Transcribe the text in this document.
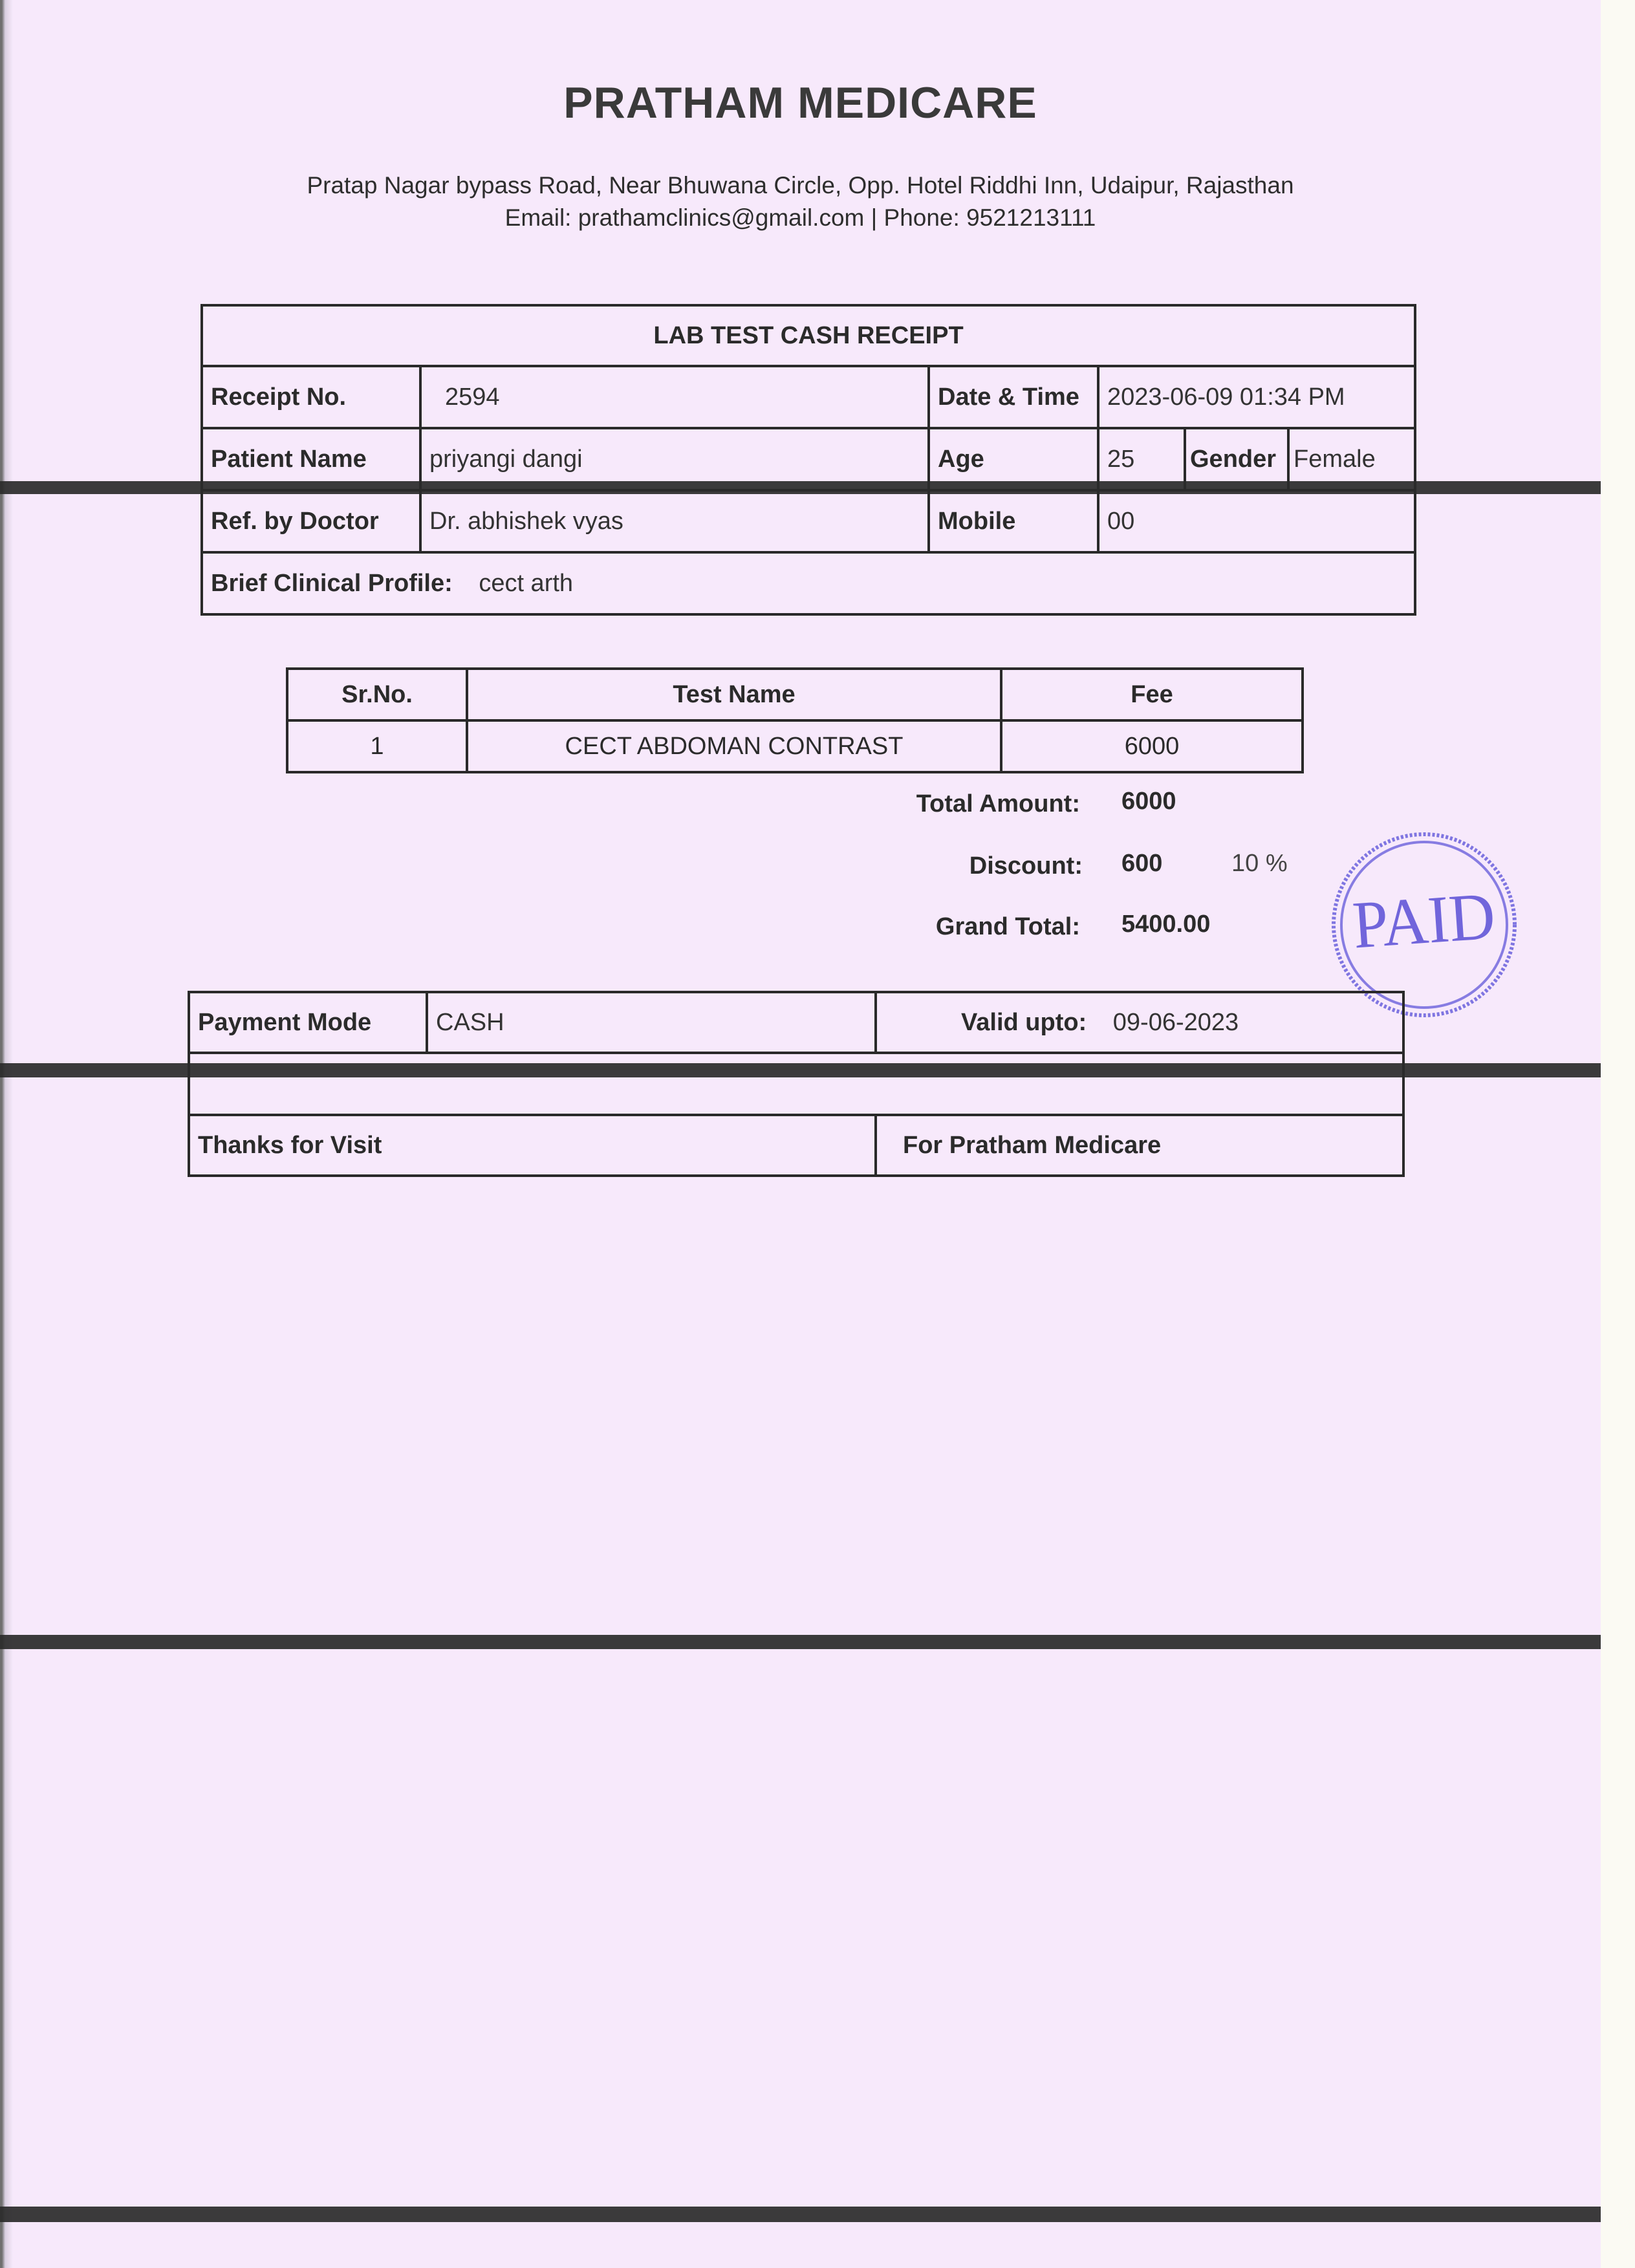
PRATHAM MEDICARE
Pratap Nagar bypass Road, Near Bhuwana Circle, Opp. Hotel Riddhi Inn, Udaipur, Rajasthan
Email: prathamclinics@gmail.com | Phone: 9521213111
LAB TEST CASH RECEIPT					
Receipt No.	2594	Date & Time	2023-06-09 01:34 PM		
Patient Name	priyangi dangi	Age	25	Gender	Female
Ref. by Doctor	Dr. abhishek vyas	Mobile	00		
Brief Clinical Profile: cect arth					
Sr.No.	Test Name	Fee
1	CECT ABDOMAN CONTRAST	6000
Total Amount: 6000
Discount: 600	10 %
Grand Total: 5400.00 PAID
Payment Mode	CASH	Valid upto: 09-06-2023

Thanks for Visit		For Pratham Medicare
